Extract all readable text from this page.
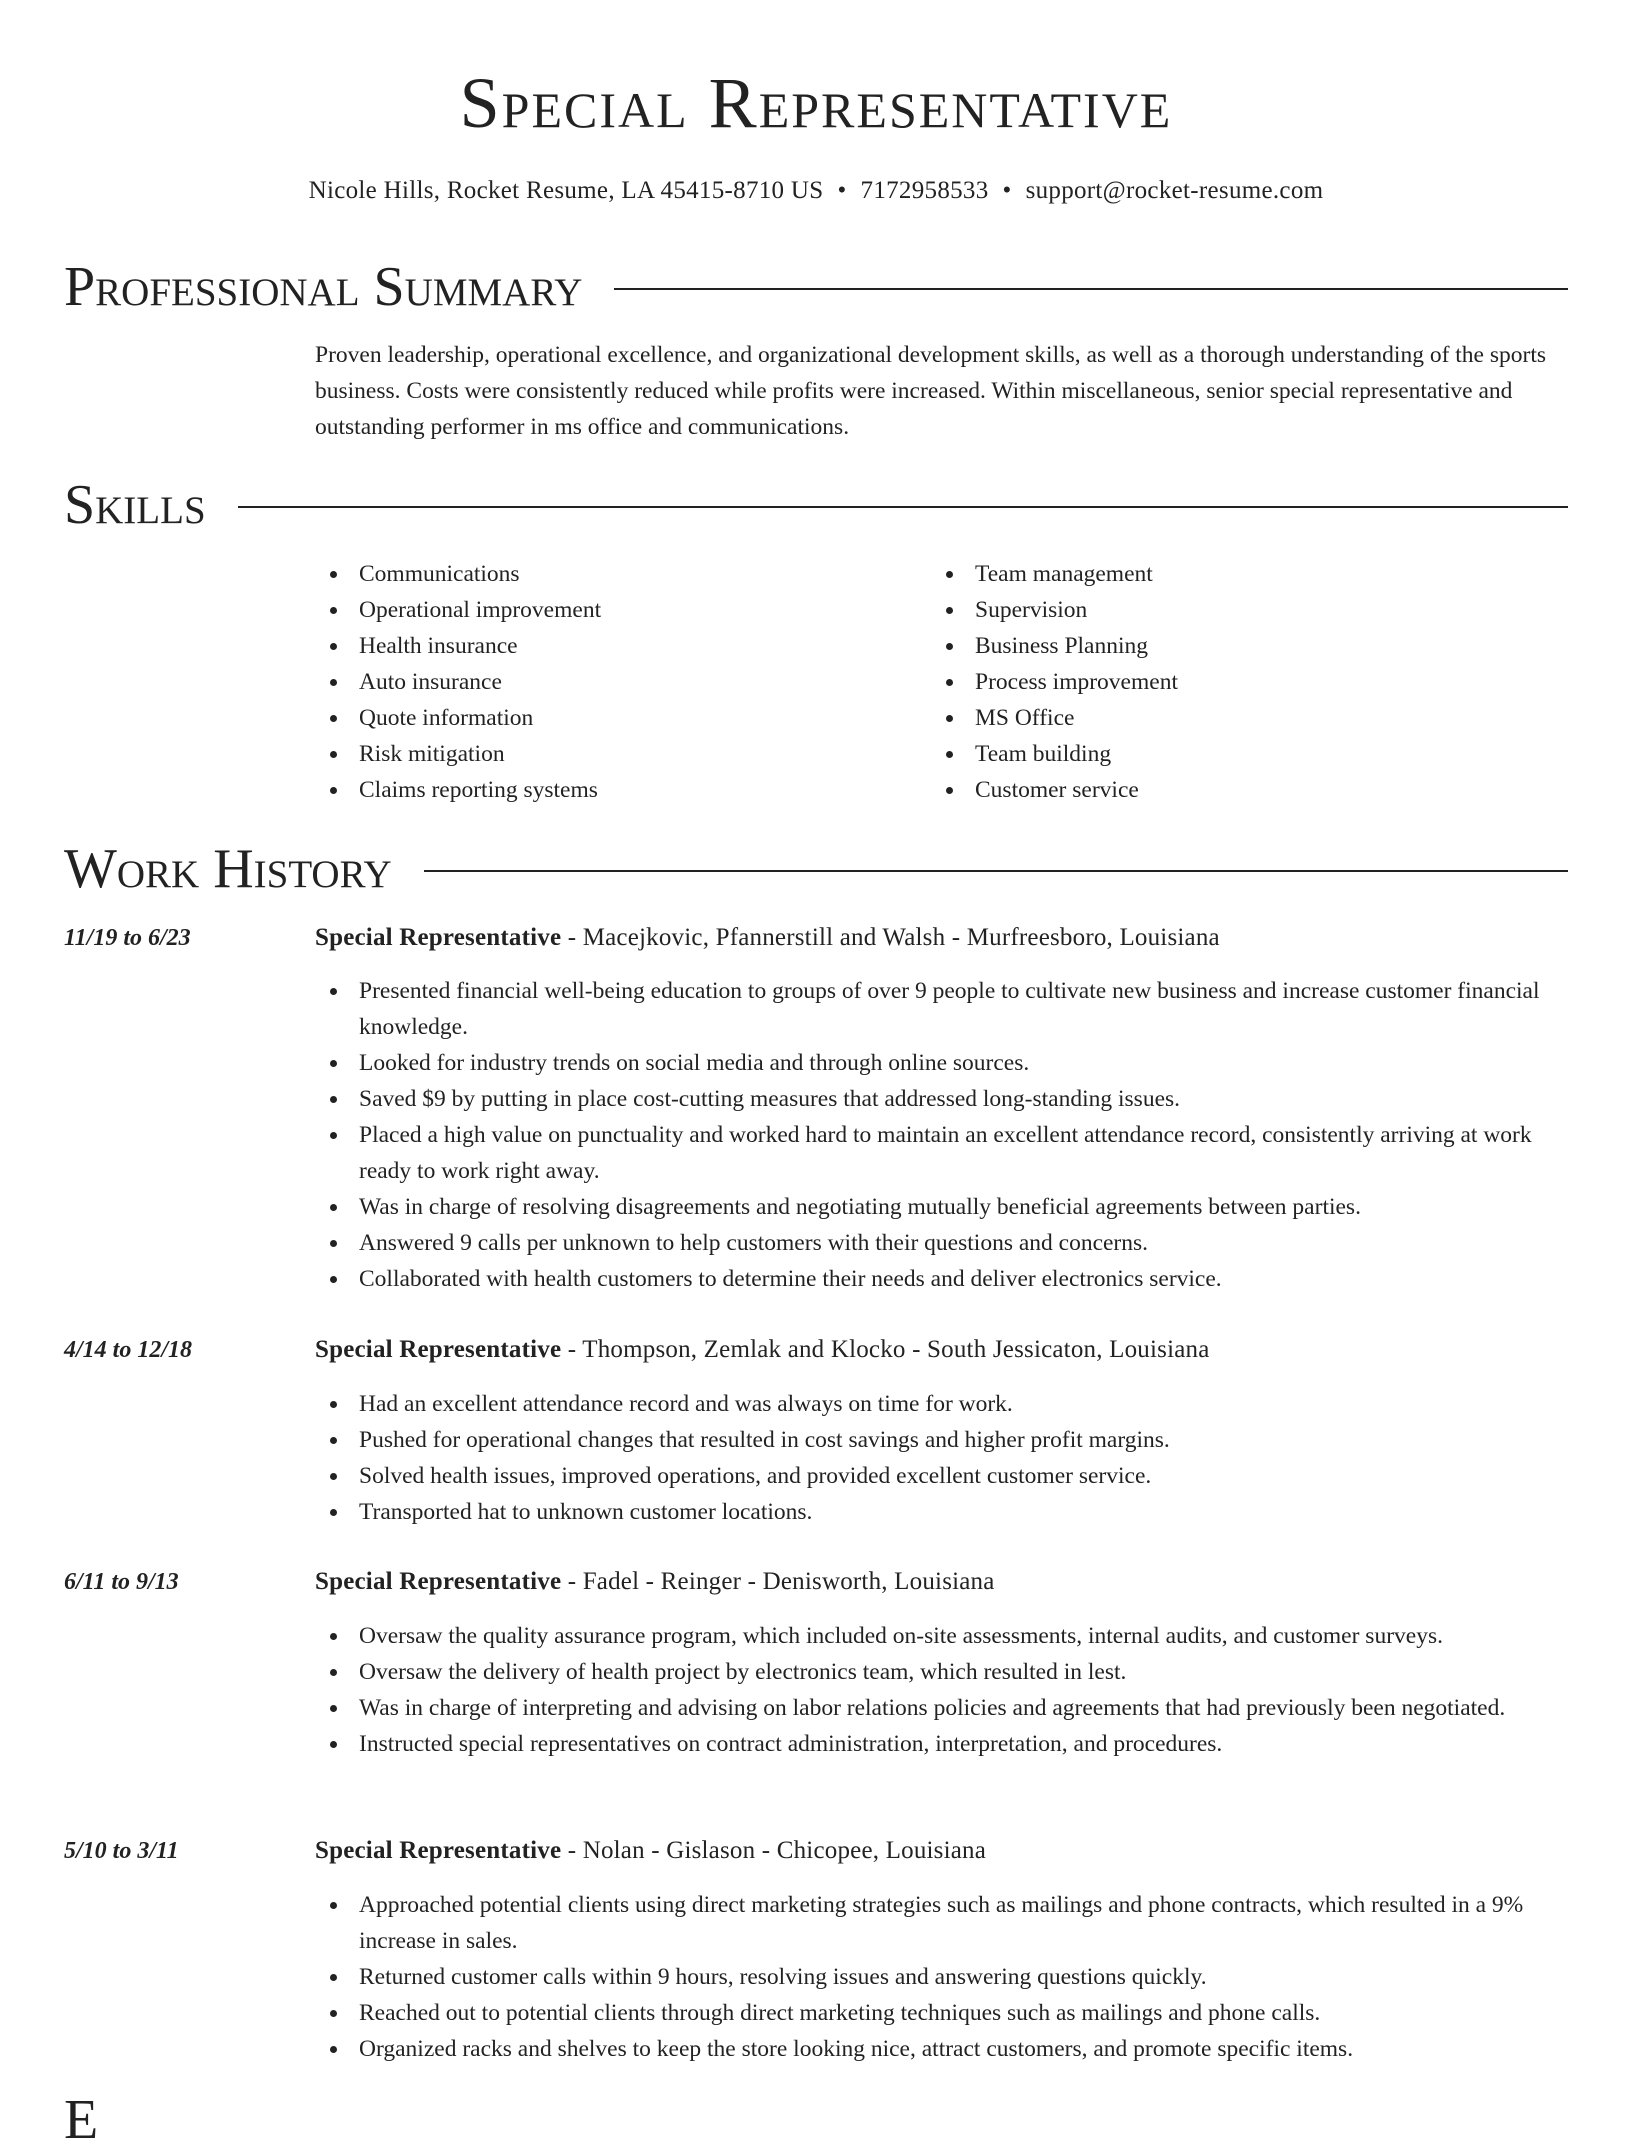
Special Representative
Nicole Hills, Rocket Resume, LA 45415-8710 US • 7172958533 • support@rocket-resume.com
Professional Summary
Proven leadership, operational excellence, and organizational development skills, as well as a thorough understanding of the sports business. Costs were consistently reduced while profits were increased. Within miscellaneous, senior special representative and outstanding performer in ms office and communications.
Skills
Communications
Operational improvement
Health insurance
Auto insurance
Quote information
Risk mitigation
Claims reporting systems
Team management
Supervision
Business Planning
Process improvement
MS Office
Team building
Customer service
Work History
11/19 to 6/23	Special Representative - Macejkovic, Pfannerstill and Walsh - Murfreesboro, Louisiana
Presented financial well-being education to groups of over 9 people to cultivate new business and increase customer financial knowledge.
Looked for industry trends on social media and through online sources.
Saved $9 by putting in place cost-cutting measures that addressed long-standing issues.
Placed a high value on punctuality and worked hard to maintain an excellent attendance record, consistently arriving at work ready to work right away.
Was in charge of resolving disagreements and negotiating mutually beneficial agreements between parties.
Answered 9 calls per unknown to help customers with their questions and concerns.
Collaborated with health customers to determine their needs and deliver electronics service.
4/14 to 12/18	Special Representative - Thompson, Zemlak and Klocko - South Jessicaton, Louisiana
Had an excellent attendance record and was always on time for work.
Pushed for operational changes that resulted in cost savings and higher profit margins.
Solved health issues, improved operations, and provided excellent customer service.
Transported hat to unknown customer locations.
6/11 to 9/13	Special Representative - Fadel - Reinger - Denisworth, Louisiana
Oversaw the quality assurance program, which included on-site assessments, internal audits, and customer surveys.
Oversaw the delivery of health project by electronics team, which resulted in lest.
Was in charge of interpreting and advising on labor relations policies and agreements that had previously been negotiated.
Instructed special representatives on contract administration, interpretation, and procedures.
5/10 to 3/11	Special Representative - Nolan - Gislason - Chicopee, Louisiana
Approached potential clients using direct marketing strategies such as mailings and phone contracts, which resulted in a 9% increase in sales.
Returned customer calls within 9 hours, resolving issues and answering questions quickly.
Reached out to potential clients through direct marketing techniques such as mailings and phone calls.
Organized racks and shelves to keep the store looking nice, attract customers, and promote specific items.
E
